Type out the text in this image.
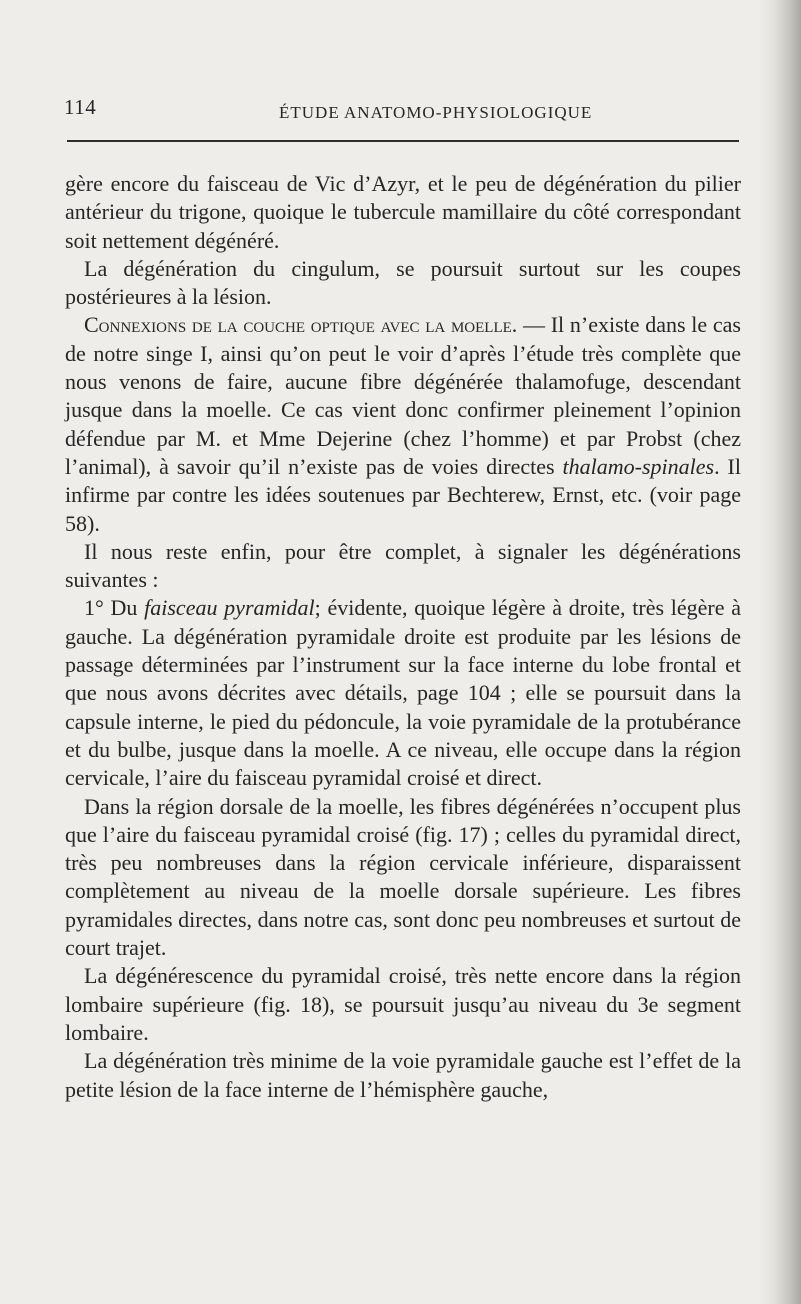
114	ÉTUDE ANATOMO-PHYSIOLOGIQUE

gère encore du faisceau de Vic d’Azyr, et le peu de dégénération du pilier antérieur du trigone, quoique le tubercule mamillaire du côté correspondant soit nettement dégénéré.

La dégénération du cingulum, se poursuit surtout sur les coupes postérieures à la lésion.

Connexions de la couche optique avec la moelle. — Il n’existe dans le cas de notre singe I, ainsi qu’on peut le voir d’après l’étude très complète que nous venons de faire, aucune fibre dégénérée thalamofuge, descendant jusque dans la moelle. Ce cas vient donc confirmer pleinement l’opinion défendue par M. et Mme Dejerine (chez l’homme) et par Probst (chez l’animal), à savoir qu’il n’existe pas de voies directes thalamo-spinales. Il infirme par contre les idées soutenues par Bechterew, Ernst, etc. (voir page 58).

Il nous reste enfin, pour être complet, à signaler les dégénérations suivantes :

1° Du faisceau pyramidal; évidente, quoique légère à droite, très légère à gauche. La dégénération pyramidale droite est produite par les lésions de passage déterminées par l’instrument sur la face interne du lobe frontal et que nous avons décrites avec détails, page 104 ; elle se poursuit dans la capsule interne, le pied du pédoncule, la voie pyramidale de la protubérance et du bulbe, jusque dans la moelle. A ce niveau, elle occupe dans la région cervicale, l’aire du faisceau pyramidal croisé et direct.

Dans la région dorsale de la moelle, les fibres dégénérées n’occupent plus que l’aire du faisceau pyramidal croisé (fig. 17) ; celles du pyramidal direct, très peu nombreuses dans la région cervicale inférieure, disparaissent complètement au niveau de la moelle dorsale supérieure. Les fibres pyramidales directes, dans notre cas, sont donc peu nombreuses et surtout de court trajet.

La dégénérescence du pyramidal croisé, très nette encore dans la région lombaire supérieure (fig. 18), se poursuit jusqu’au niveau du 3e segment lombaire.

La dégénération très minime de la voie pyramidale gauche est l’effet de la petite lésion de la face interne de l’hémisphère gauche,
